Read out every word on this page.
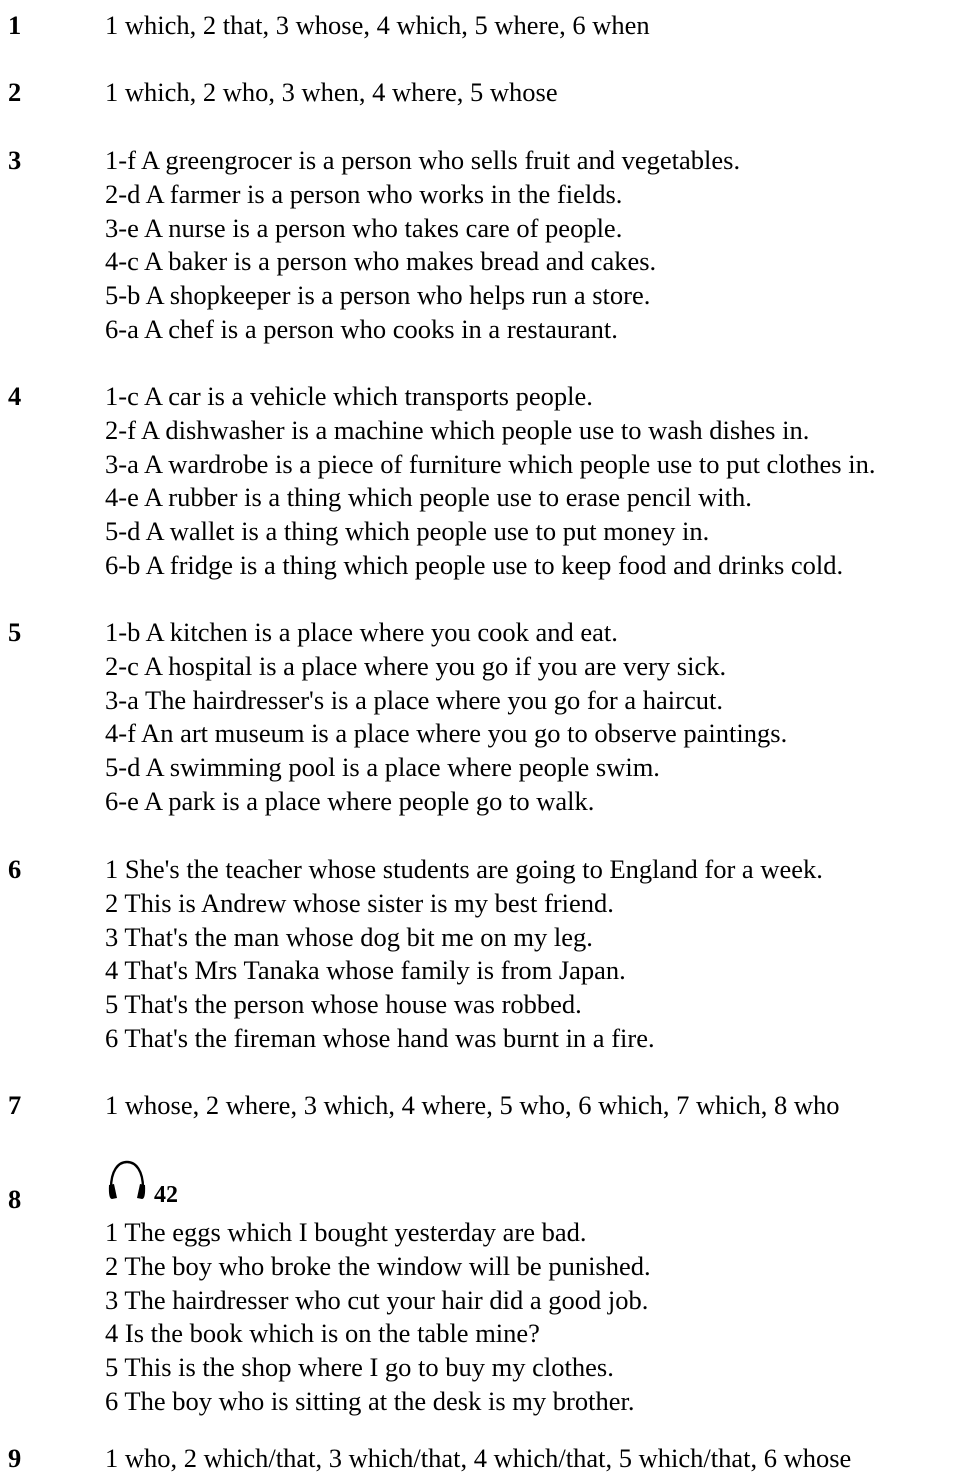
1	1 which, 2 that, 3 whose, 4 which, 5 where, 6 when
2	1 which, 2 who, 3 when, 4 where, 5 whose
3	1-f A greengrocer is a person who sells fruit and vegetables.
2-d A farmer is a person who works in the fields.
3-e A nurse is a person who takes care of people.
4-c A baker is a person who makes bread and cakes.
5-b A shopkeeper is a person who helps run a store.
6-a A chef is a person who cooks in a restaurant.
4	1-c A car is a vehicle which transports people.
2-f A dishwasher is a machine which people use to wash dishes in.
3-a A wardrobe is a piece of furniture which people use to put clothes in.
4-e A rubber is a thing which people use to erase pencil with.
5-d A wallet is a thing which people use to put money in.
6-b A fridge is a thing which people use to keep food and drinks cold.
5	1-b A kitchen is a place where you cook and eat.
2-c A hospital is a place where you go if you are very sick.
3-a The hairdresser's is a place where you go for a haircut.
4-f An art museum is a place where you go to observe paintings.
5-d A swimming pool is a place where people swim.
6-e A park is a place where people go to walk.
6	1 She's the teacher whose students are going to England for a week.
2 This is Andrew whose sister is my best friend.
3 That's the man whose dog bit me on my leg.
4 That's Mrs Tanaka whose family is from Japan.
5 That's the person whose house was robbed.
6 That's the fireman whose hand was burnt in a fire.
7	1 whose, 2 where, 3 which, 4 where, 5 who, 6 which, 7 which, 8 who
8	42
1 The eggs which I bought yesterday are bad.
2 The boy who broke the window will be punished.
3 The hairdresser who cut your hair did a good job.
4 Is the book which is on the table mine?
5 This is the shop where I go to buy my clothes.
6 The boy who is sitting at the desk is my brother.
9	1 who, 2 which/that, 3 which/that, 4 which/that, 5 which/that, 6 whose
